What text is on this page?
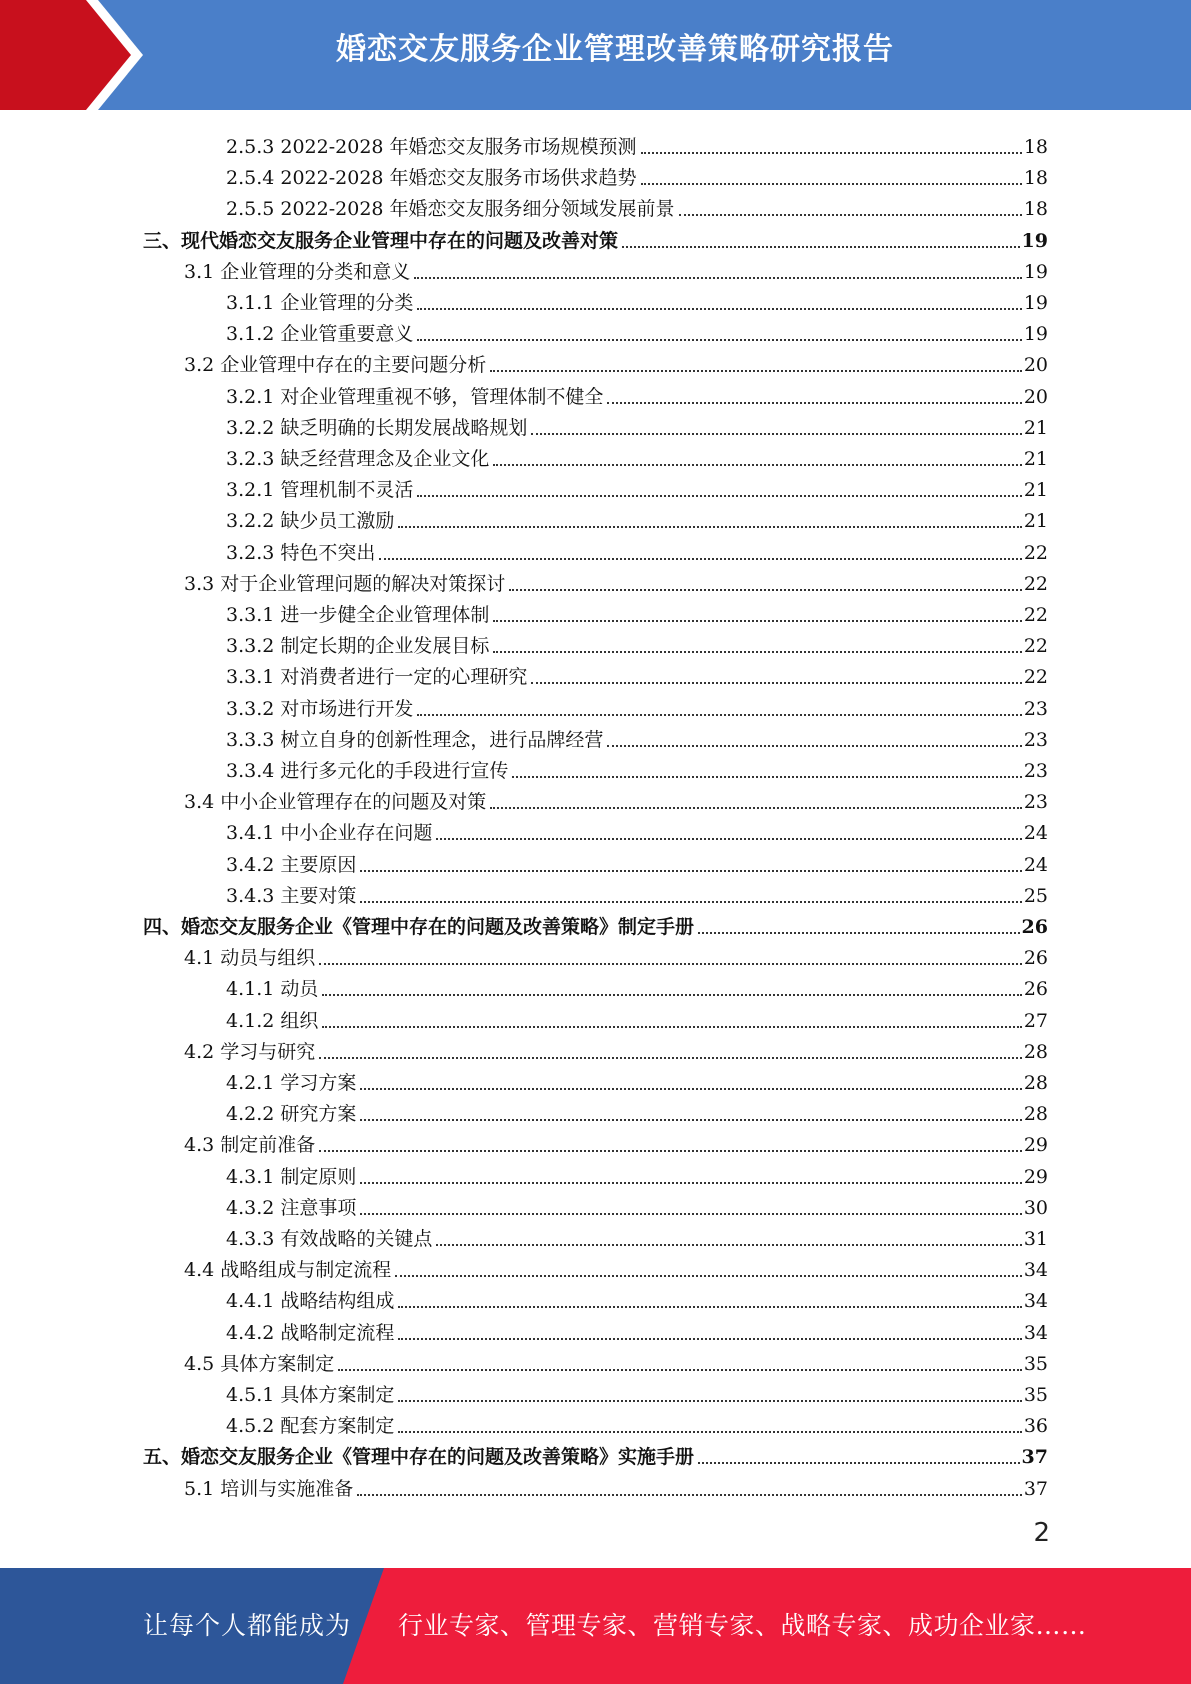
婚恋交友服务企业管理改善策略研究报告
2.5.3 2022-2028 年婚恋交友服务市场规模预测	18
2.5.4 2022-2028 年婚恋交友服务市场供求趋势	18
2.5.5 2022-2028 年婚恋交友服务细分领域发展前景	18
三、现代婚恋交友服务企业管理中存在的问题及改善对策	19
3.1 企业管理的分类和意义	19
3.1.1 企业管理的分类	19
3.1.2 企业管重要意义	19
3.2 企业管理中存在的主要问题分析	20
3.2.1 对企业管理重视不够，管理体制不健全	20
3.2.2 缺乏明确的长期发展战略规划	21
3.2.3 缺乏经营理念及企业文化	21
3.2.1 管理机制不灵活	21
3.2.2 缺少员工激励	21
3.2.3 特色不突出	22
3.3 对于企业管理问题的解决对策探讨	22
3.3.1 进一步健全企业管理体制	22
3.3.2 制定长期的企业发展目标	22
3.3.1 对消费者进行一定的心理研究	22
3.3.2 对市场进行开发	23
3.3.3 树立自身的创新性理念，进行品牌经营	23
3.3.4 进行多元化的手段进行宣传	23
3.4 中小企业管理存在的问题及对策	23
3.4.1 中小企业存在问题	24
3.4.2 主要原因	24
3.4.3 主要对策	25
四、婚恋交友服务企业《管理中存在的问题及改善策略》制定手册	26
4.1 动员与组织	26
4.1.1 动员	26
4.1.2 组织	27
4.2 学习与研究	28
4.2.1 学习方案	28
4.2.2 研究方案	28
4.3 制定前准备	29
4.3.1 制定原则	29
4.3.2 注意事项	30
4.3.3 有效战略的关键点	31
4.4 战略组成与制定流程	34
4.4.1 战略结构组成	34
4.4.2 战略制定流程	34
4.5 具体方案制定	35
4.5.1 具体方案制定	35
4.5.2 配套方案制定	36
五、婚恋交友服务企业《管理中存在的问题及改善策略》实施手册	37
5.1 培训与实施准备	37
2
让每个人都能成为 行业专家、管理专家、营销专家、战略专家、成功企业家……
